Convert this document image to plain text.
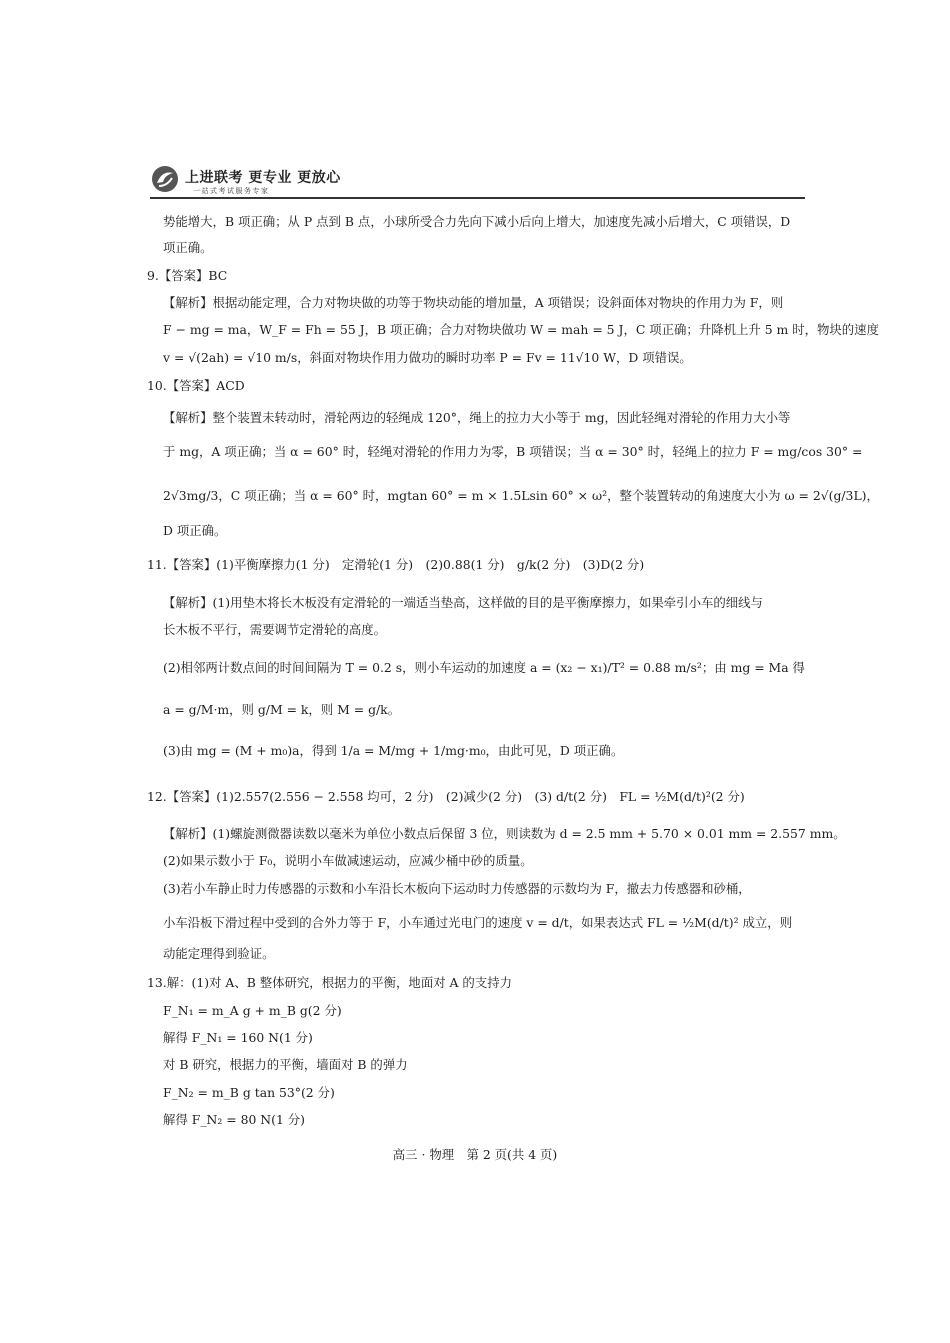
上进联考 更专业 更放心
一站式考试服务专家
势能增大，B 项正确；从 P 点到 B 点，小球所受合力先向下减小后向上增大，加速度先减小后增大，C 项错误，D
项正确。
9.【答案】BC
【解析】根据动能定理，合力对物块做的功等于物块动能的增加量，A 项错误；设斜面体对物块的作用力为 F，则
F − mg = ma，W_F = Fh = 55 J，B 项正确；合力对物块做功 W = mah = 5 J，C 项正确；升降机上升 5 m 时，物块的速度
v = √(2ah) = √10 m/s，斜面对物块作用力做功的瞬时功率 P = Fv = 11√10 W，D 项错误。
10.【答案】ACD
【解析】整个装置未转动时，滑轮两边的轻绳成 120°，绳上的拉力大小等于 mg，因此轻绳对滑轮的作用力大小等
于 mg，A 项正确；当 α = 60° 时，轻绳对滑轮的作用力为零，B 项错误；当 α = 30° 时，轻绳上的拉力 F = mg/cos 30° =
2√3mg/3，C 项正确；当 α = 60° 时，mgtan 60° = m × 1.5Lsin 60° × ω²，整个装置转动的角速度大小为 ω = 2√(g/3L)，
D 项正确。
11.【答案】(1)平衡摩擦力(1 分)　定滑轮(1 分)　(2)0.88(1 分)　g/k(2 分)　(3)D(2 分)
【解析】(1)用垫木将长木板没有定滑轮的一端适当垫高，这样做的目的是平衡摩擦力，如果牵引小车的细线与
长木板不平行，需要调节定滑轮的高度。
(2)相邻两计数点间的时间间隔为 T = 0.2 s，则小车运动的加速度 a = (x₂ − x₁)/T² = 0.88 m/s²；由 mg = Ma 得
a = g/M·m，则 g/M = k，则 M = g/k。
(3)由 mg = (M + m₀)a，得到 1/a = M/mg + 1/mg·m₀，由此可见，D 项正确。
12.【答案】(1)2.557(2.556 − 2.558 均可，2 分)　(2)减少(2 分)　(3) d/t(2 分)　FL = ½M(d/t)²(2 分)
【解析】(1)螺旋测微器读数以毫米为单位小数点后保留 3 位，则读数为 d = 2.5 mm + 5.70 × 0.01 mm = 2.557 mm。
(2)如果示数小于 F₀，说明小车做减速运动，应减少桶中砂的质量。
(3)若小车静止时力传感器的示数和小车沿长木板向下运动时力传感器的示数均为 F，撤去力传感器和砂桶，
小车沿板下滑过程中受到的合外力等于 F，小车通过光电门的速度 v = d/t，如果表达式 FL = ½M(d/t)² 成立，则
动能定理得到验证。
13.解：(1)对 A、B 整体研究，根据力的平衡，地面对 A 的支持力
F_N₁ = m_A g + m_B g(2 分)
解得 F_N₁ = 160 N(1 分)
对 B 研究，根据力的平衡，墙面对 B 的弹力
F_N₂ = m_B g tan 53°(2 分)
解得 F_N₂ = 80 N(1 分)
高三 · 物理　第 2 页(共 4 页)
